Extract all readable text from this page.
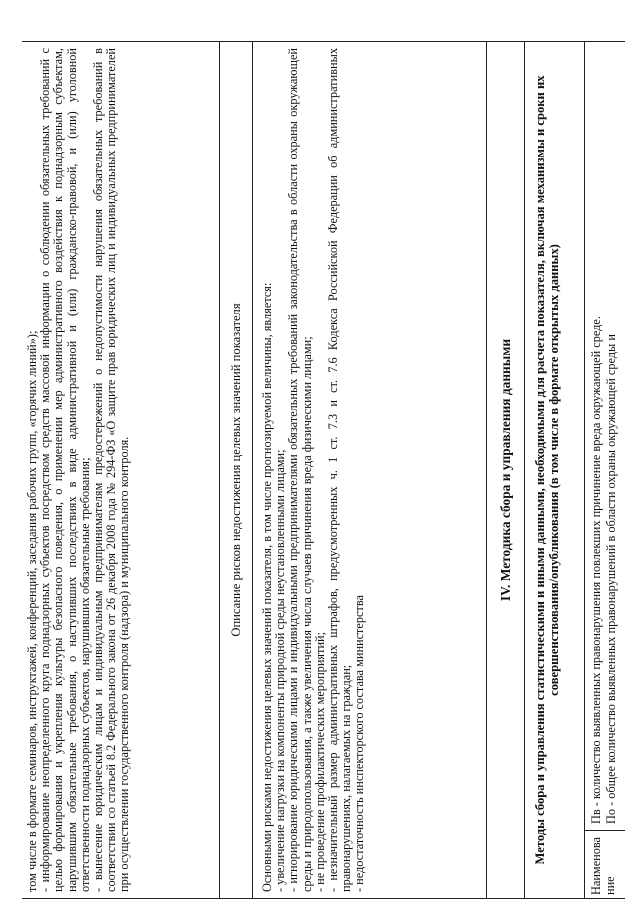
том числе в формате семинаров, инструктажей, конференций, заседания рабочих групп, «горячих линий»); - информирование неопределенного круга поднадзорных субъектов посредством средств массовой информации о соблюдении обязательных требований с целью формирования и укрепления культуры безопасного поведения, о применении мер административного воздействия к поднадзорным субъектам, нарушившим обязательные требования, о наступивших последствиях в виде административной и (или) гражданско-правовой, и (или) уголовной ответственности поднадзорных субъектов, нарушивших обязательные требования; - вынесение юридическим лицам и индивидуальным предпринимателям предостережений о недопустимости нарушения обязательных требований в соответствии со статьей 8.2 Федерального закона от 26 декабря 2008 года № 294-ФЗ «О защите прав юридических лиц и индивидуальных предпринимателей при осуществлении государственного контроля (надзора) и муниципального контроля.	Описание рисков недостижения целевых значений показателя Основными рисками недостижения целевых значений показателя, в том числе прогнозируемой величины, является: - увеличение нагрузки на компоненты природной среды неустановленными лицами; - игнорирование юридическими лицами и индивидуальными предпринимателями обязательных требований законодательства в области охраны окружающей среды и природопользования, а также увеличения числа случаев причинения вреда физическими лицами; - не проведение профилактических мероприятий; - незначительный размер административных штрафов, предусмотренных ч. 1 ст. 7.3 и ст. 7.6 Кодекса Российской Федерации об административных правонарушениях, налагаемых на граждан; - недостаточность инспекторского состава министерства

IV. Методика сбора и управления данными Методы сбора и управления статистическими и иными данными, необходимыми для расчета показателя, включая механизмы и сроки их совершенствования/опубликования (в том числе в формате открытых данных)

Наименование

Пв - количество выявленных правонарушения повлекших причинение вреда окружающей среде. По - общее количество выявленных правонарушений в области охраны окружающей среды и
